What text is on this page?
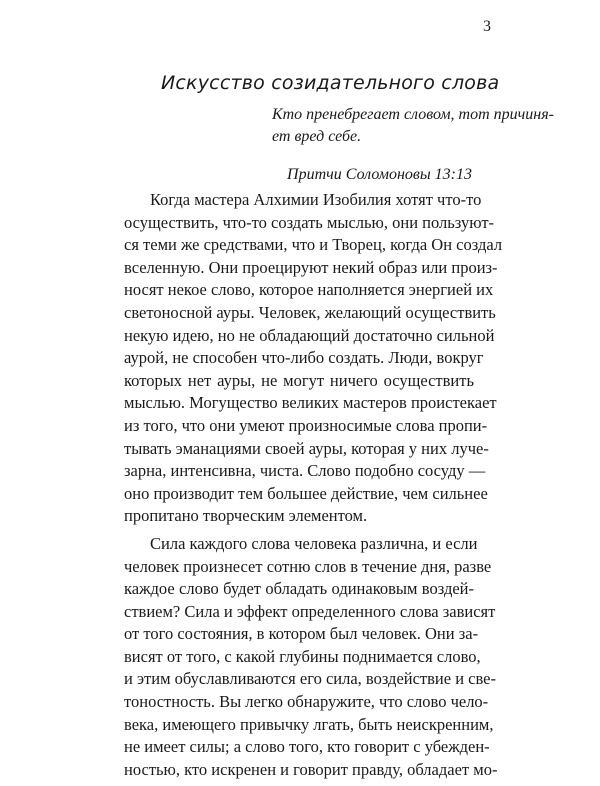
3
Искусство созидательного слова

Кто пренебрегает словом, тот причиня-
ет вред себе.

Притчи Соломоновы 13:13

Когда мастера Алхимии Изобилия хотят что-то
осуществить, что-то создать мыслью, они пользуют-
ся теми же средствами, что и Творец, когда Он создал
вселенную. Они проецируют некий образ или произ-
носят некое слово, которое наполняется энергией их
светоносной ауры. Человек, желающий осуществить
некую идею, но не обладающий достаточно сильной
аурой, не способен что-либо создать. Люди, вокруг
которых нет ауры, не могут ничего осуществить
мыслью. Могущество великих мастеров проистекает
из того, что они умеют произносимые слова пропи-
тывать эманациями своей ауры, которая у них луче-
зарна, интенсивна, чиста. Слово подобно сосуду —
оно производит тем большее действие, чем сильнее
пропитано творческим элементом.

Сила каждого слова человека различна, и если
человек произнесет сотню слов в течение дня, разве
каждое слово будет обладать одинаковым воздей-
ствием? Сила и эффект определенного слова зависят
от того состояния, в котором был человек. Они за-
висят от того, с какой глубины поднимается слово,
и этим обуславливаются его сила, воздействие и све-
тоностность. Вы легко обнаружите, что слово чело-
века, имеющего привычку лгать, быть неискренним,
не имеет силы; а слово того, кто говорит с убежден-
ностью, кто искренен и говорит правду, обладает мо-
